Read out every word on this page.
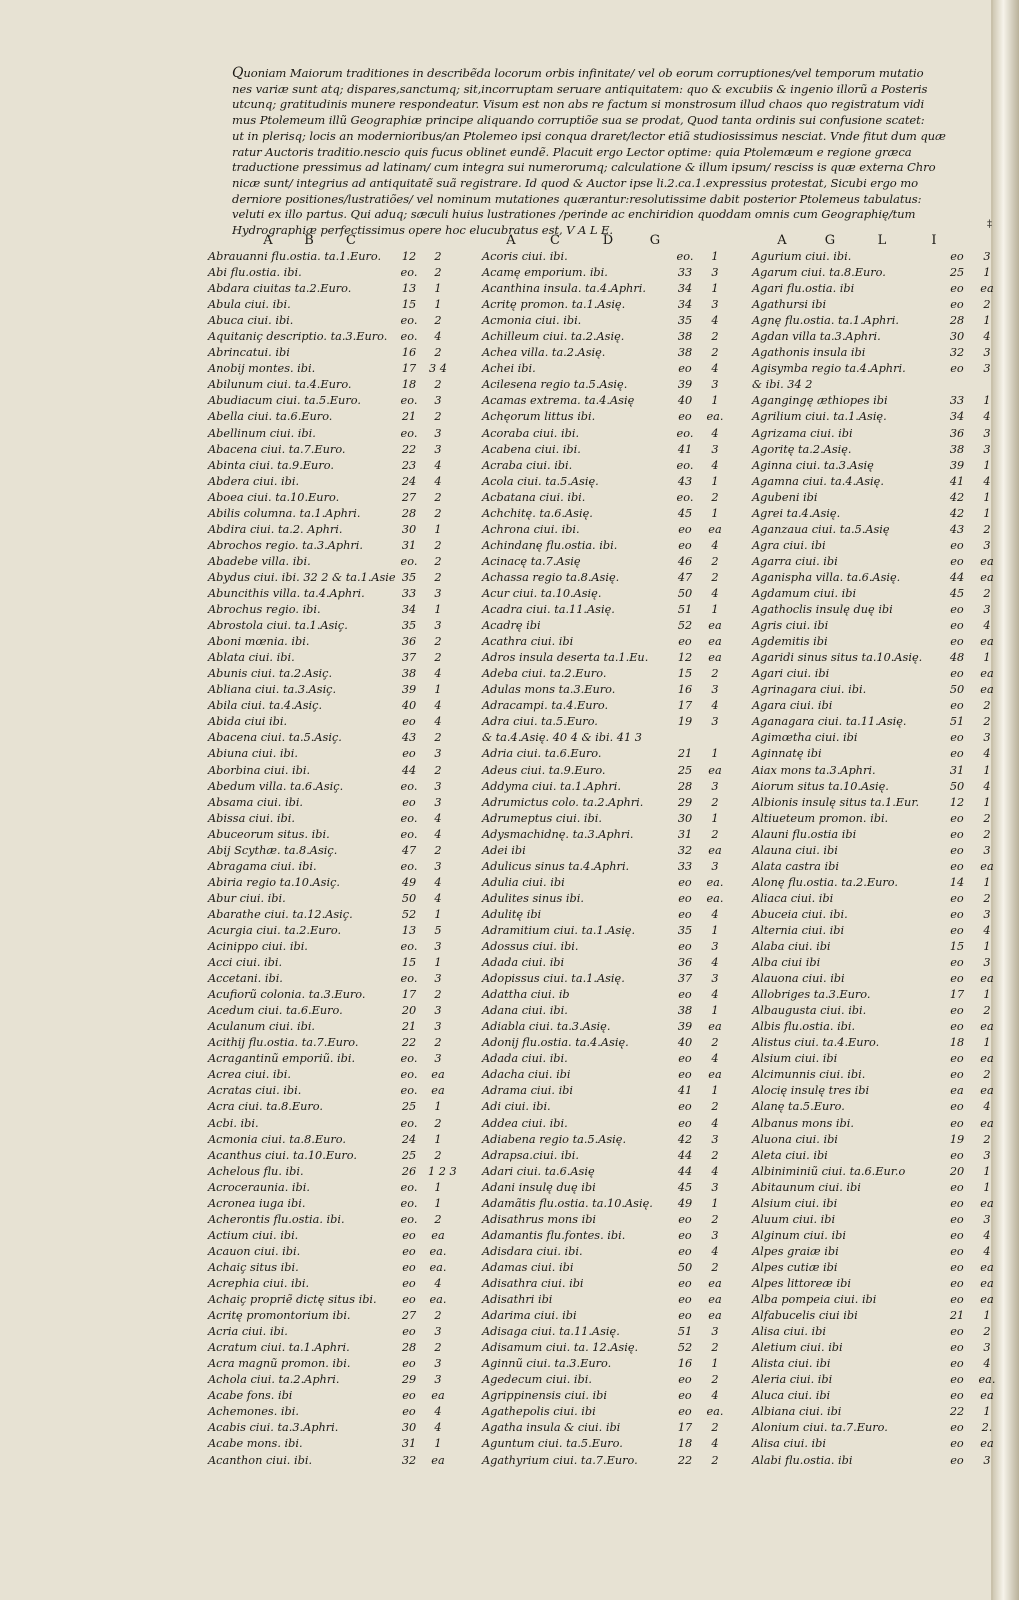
Quoniam Maiorum traditiones in describẽda locorum orbis infinitate/ vel ob eorum corruptiones/vel temporum mutatio
nes variæ sunt atq; dispares,sanctumq; sit,incorruptam seruare antiquitatem: quo & excubiis & ingenio illorũ a Posteris
utcunq; gratitudinis munere respondeatur. Visum est non abs re factum si monstrosum illud chaos quo registratum vidi
mus Ptolemeum illũ Geographiæ principe aliquando corruptiõe sua se prodat, Quod tanta ordinis sui confusione scatet:
ut in plerisq; locis an modernioribus/an Ptolemeo ipsi conqua draret/lector etiã studiosissimus nesciat. Vnde fitut dum quæ
ratur Auctoris traditio.nescio quis fucus oblinet eundẽ. Placuit ergo Lector optime: quia Ptolemæum e regione græca
traductione pressimus ad latinam/ cum integra sui numerorumq; calculatione & illum ipsum/ resciss is quæ externa Chro
nicæ sunt/ integrius ad antiquitatẽ suã registrare. Id quod & Auctor ipse li.2.ca.1.expressius protestat, Sicubi ergo mo
derniore positiones/lustratiões/ vel nominum mutationes quærantur:resolutissime dabit posterior Ptolemeus tabulatus:
veluti ex illo partus. Qui aduq; sæculi huius lustrationes /perinde ac enchiridion quoddam omnis cum Geographię/tum
Hydrographiæ perfectissimus opere hoc elucubratus est, V A L E.
A	B	C	A	C	D	G	A	G	L	I
‡
Abrauanni flu.ostia. ta.1.Euro.	12	2
Abi flu.ostia. ibi.	eo.	2
Abdara ciuitas ta.2.Euro.	13	1
Abula ciui. ibi.	15	1
Abuca ciui. ibi.	eo.	2
Aquitaniç descriptio. ta.3.Euro.	eo.	4
Abrincatui. ibi	16	2
Anobij montes. ibi.	17	3 4
Abilunum ciui. ta.4.Euro.	18	2
Abudiacum ciui. ta.5.Euro.	eo.	3
Abella ciui. ta.6.Euro.	21	2
Abellinum ciui. ibi.	eo.	3
Abacena ciui. ta.7.Euro.	22	3
Abinta ciui. ta.9.Euro.	23	4
Abdera ciui. ibi.	24	4
Aboea ciui. ta.10.Euro.	27	2
Abilis columna. ta.1.Aphri.	28	2
Abdira ciui. ta.2. Aphri.	30	1
Abrochos regio. ta.3.Aphri.	31	2
Abadebe villa. ibi.	eo.	2
Abydus ciui. ibi. 32 2 & ta.1.Asie 35	2
Abuncithis villa. ta.4.Aphri.	33	3
Abrochus regio. ibi.	34	1
Abrostola ciui. ta.1.Asiç.	35	3
Aboni mœnia. ibi.	36	2
Ablata ciui. ibi.	37	2
Abunis ciui. ta.2.Asiç.	38	4
Abliana ciui. ta.3.Asiç.	39	1
Abila ciui. ta.4.Asiç.	40	4
Abida ciui ibi.	eo	4
Abacena ciui. ta.5.Asiç.	43	2
Abiuna ciui. ibi.	eo	3
Aborbina ciui. ibi.	44	2
Abedum villa. ta.6.Asiç.	eo.	3
Absama ciui. ibi.	eo	3
Abissa ciui. ibi.	eo.	4
Abuceorum situs. ibi.	eo.	4
Abij Scythæ. ta.8.Asiç.	47	2
Abragama ciui. ibi.	eo.	3
Abiria regio ta.10.Asiç.	49	4
Abur ciui. ibi.	50	4
Abarathe ciui. ta.12.Asiç.	52	1
Acurgia ciui. ta.2.Euro.	13	5
Acinippo ciui. ibi.	eo.	3
Acci ciui. ibi.	15	1
Accetani. ibi.	eo.	3
Acufiorũ colonia. ta.3.Euro.	17	2
Acedum ciui. ta.6.Euro.	20	3
Aculanum ciui. ibi.	21	3
Acithij flu.ostia. ta.7.Euro.	22	2
Acragantinũ emporiũ. ibi.	eo.	3
Acrea ciui. ibi.	eo.	ea
Acratas ciui. ibi.	eo.	ea
Acra ciui. ta.8.Euro.	25	1
Acbi. ibi.	eo.	2
Acmonia ciui. ta.8.Euro.	24	1
Acanthus ciui. ta.10.Euro.	25	2
Achelous flu. ibi.	26	1 2 3
Acroceraunia. ibi.	eo.	1
Acronea iuga ibi.	eo.	1
Acherontis flu.ostia. ibi.	eo.	2
Actium ciui. ibi.	eo	ea
Acauon ciui. ibi.	eo	ea.
Achaiç situs ibi.	eo	ea.
Acrephia ciui. ibi.	eo	4
Achaiç propriẽ dictę situs ibi.	eo	ea.
Acritę promontorium ibi.	27	2
Acria ciui. ibi.	eo	3
Acratum ciui. ta.1.Aphri.	28	2
Acra magnũ promon. ibi.	eo	3
Achola ciui. ta.2.Aphri.	29	3
Acabe fons. ibi	eo	ea
Achemones. ibi.	eo	4
Acabis ciui. ta.3.Aphri.	30	4
Acabe mons. ibi.	31	1
Acanthon ciui. ibi.	32	ea
Acoris ciui. ibi.	eo.	1
Acamę emporium. ibi.	33	3
Acanthina insula. ta.4.Aphri.	34	1
Acritę promon. ta.1.Asię.	34	3
Acmonia ciui. ibi.	35	4
Achilleum ciui. ta.2.Asię.	38	2
Achea villa. ta.2.Asię.	38	2
Achei ibi.	eo	4
Acilesena regio ta.5.Asię.	39	3
Acamas extrema. ta.4.Asię	40	1
Achęorum littus ibi.	eo	ea.
Acoraba ciui. ibi.	eo.	4
Acabena ciui. ibi.	41	3
Acraba ciui. ibi.	eo.	4
Acola ciui. ta.5.Asię.	43	1
Acbatana ciui. ibi.	eo.	2
Achchitę. ta.6.Asię.	45	1
Achrona ciui. ibi.	eo	ea
Achindanę flu.ostia. ibi.	eo	4
Acinacę ta.7.Asię	46	2
Achassa regio ta.8.Asię.	47	2
Acur ciui. ta.10.Asię.	50	4
Acadra ciui. ta.11.Asię.	51	1
Acadrę ibi	52	ea
Acathra ciui. ibi	eo	ea
Adros insula deserta ta.1.Eu.	12	ea
Adeba ciui. ta.2.Euro.	15	2
Adulas mons ta.3.Euro.	16	3
Adracampi. ta.4.Euro.	17	4
Adra ciui. ta.5.Euro.	19	3
& ta.4.Asię. 40 4 & ibi. 41 3
Adria ciui. ta.6.Euro.	21	1
Adeus ciui. ta.9.Euro.	25	ea
Addyma ciui. ta.1.Aphri.	28	3
Adrumictus colo. ta.2.Aphri.	29	2
Adrumeptus ciui. ibi.	30	1
Adysmachidnę. ta.3.Aphri.	31	2
Adei ibi	32	ea
Adulicus sinus ta.4.Aphri.	33	3
Adulia ciui. ibi	eo	ea.
Adulites sinus ibi.	eo	ea.
Adulitę ibi	eo	4
Adramitium ciui. ta.1.Asię.	35	1
Adossus ciui. ibi.	eo	3
Adada ciui. ibi	36	4
Adopissus ciui. ta.1.Asię.	37	3
Adattha ciui. ib	eo	4
Adana ciui. ibi.	38	1
Adiabla ciui. ta.3.Asię.	39	ea
Adonij flu.ostia. ta.4.Asię.	40	2
Adada ciui. ibi.	eo	4
Adacha ciui. ibi	eo	ea
Adrama ciui. ibi	41	1
Adi ciui. ibi.	eo	2
Addea ciui. ibi.	eo	4
Adiabena regio ta.5.Asię.	42	3
Adrapsa.ciui. ibi.	44	2
Adari ciui. ta.6.Asię	44	4
Adani insulę duę ibi	45	3
Adamãtis flu.ostia. ta.10.Asię.	49	1
Adisathrus mons ibi	eo	2
Adamantis flu.fontes. ibi.	eo	3
Adisdara ciui. ibi.	eo	4
Adamas ciui. ibi	50	2
Adisathra ciui. ibi	eo	ea
Adisathri ibi	eo	ea
Adarima ciui. ibi	eo	ea
Adisaga ciui. ta.11.Asię.	51	3
Adisamum ciui. ta. 12.Asię.	52	2
Aginnũ ciui. ta.3.Euro.	16	1
Agedecum ciui. ibi.	eo	2
Agrippinensis ciui. ibi	eo	4
Agathepolis ciui. ibi	eo	ea.
Agatha insula & ciui. ibi	17	2
Aguntum ciui. ta.5.Euro.	18	4
Agathyrium ciui. ta.7.Euro.	22	2
Agurium ciui. ibi.	eo	3
Agarum ciui. ta.8.Euro.	25	1
Agari flu.ostia. ibi	eo	ea
Agathursi ibi	eo	2
Agnę flu.ostia. ta.1.Aphri.	28	1
Agdan villa ta.3.Aphri.	30	4
Agathonis insula ibi	32	3
Agisymba regio ta.4.Aphri.	eo	3
& ibi. 34 2
Agangingę æthiopes ibi	33	1
Agrilium ciui. ta.1.Asię.	34	4
Agrizama ciui. ibi	36	3
Agoritę ta.2.Asię.	38	3
Aginna ciui. ta.3.Asię	39	1
Agamna ciui. ta.4.Asię.	41	4
Agubeni ibi	42	1
Agrei ta.4.Asię.	42	1
Aganzaua ciui. ta.5.Asię	43	2
Agra ciui. ibi	eo	3
Agarra ciui. ibi	eo	ea
Aganispha villa. ta.6.Asię.	44	ea
Agdamum ciui. ibi	45	2
Agathoclis insulę duę ibi	eo	3
Agris ciui. ibi	eo	4
Agdemitis ibi	eo	ea
Agaridi sinus situs ta.10.Asię.	48	1
Agari ciui. ibi	eo	ea
Agrinagara ciui. ibi.	50	ea
Agara ciui. ibi	eo	2
Aganagara ciui. ta.11.Asię.	51	2
Agimœtha ciui. ibi	eo	3
Aginnatę ibi	eo	4
Aiax mons ta.3.Aphri.	31	1
Aiorum situs ta.10.Asię.	50	4
Albionis insulę situs ta.1.Eur.	12	1
Altiueteum promon. ibi.	eo	2
Alauni flu.ostia ibi	eo	2
Alauna ciui. ibi	eo	3
Alata castra ibi	eo	ea
Alonę flu.ostia. ta.2.Euro.	14	1
Aliaca ciui. ibi	eo	2
Abuceia ciui. ibi.	eo	3
Alternia ciui. ibi	eo	4
Alaba ciui. ibi	15	1
Alba ciui ibi	eo	3
Alauona ciui. ibi	eo	ea
Allobriges ta.3.Euro.	17	1
Albaugusta ciui. ibi.	eo	2
Albis flu.ostia. ibi.	eo	ea
Alistus ciui. ta.4.Euro.	18	1
Alsium ciui. ibi	eo	ea
Alcimunnis ciui. ibi.	eo	2
Alocię insulę tres ibi	ea	ea
Alanę ta.5.Euro.	eo	4
Albanus mons ibi.	eo	ea
Aluona ciui. ibi	19	2
Aleta ciui. ibi	eo	3
Albiniminiũ ciui. ta.6.Eur.o	20	1
Abitaunum ciui. ibi	eo	1
Alsium ciui. ibi	eo	ea
Aluum ciui. ibi	eo	3
Alginum ciui. ibi	eo	4
Alpes graiæ ibi	eo	4
Alpes cutiæ ibi	eo	ea
Alpes littoreæ ibi	eo	ea
Alba pompeia ciui. ibi	eo	ea
Alfabucelis ciui ibi	21	1
Alisa ciui. ibi	eo	2
Aletium ciui. ibi	eo	3
Alista ciui. ibi	eo	4
Aleria ciui. ibi	eo	ea.
Aluca ciui. ibi	eo	ea
Albiana ciui. ibi	22	1
Alonium ciui. ta.7.Euro.	eo	2.
Alisa ciui. ibi	eo	ea
Alabi flu.ostia. ibi	eo	3
